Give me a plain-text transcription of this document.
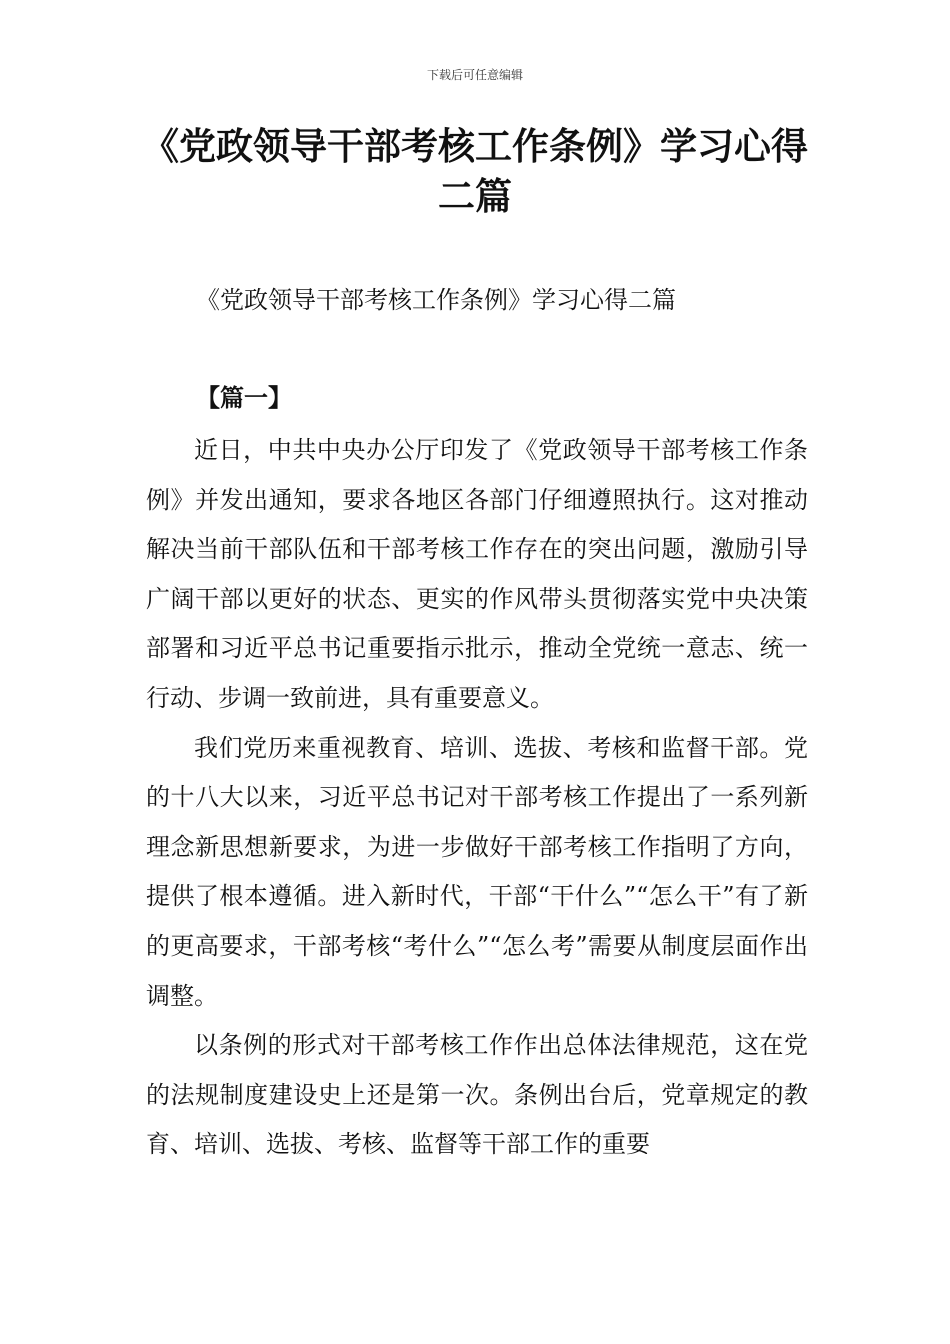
下载后可任意编辑
《党政领导干部考核工作条例》学习心得
二篇
《党政领导干部考核工作条例》学习心得二篇
【篇一】

近日，中共中央办公厅印发了《党政领导干部考核工作条例》并发出通知，要求各地区各部门仔细遵照执行。这对推动解决当前干部队伍和干部考核工作存在的突出问题，激励引导广阔干部以更好的状态、更实的作风带头贯彻落实党中央决策部署和习近平总书记重要指示批示，推动全党统一意志、统一行动、步调一致前进，具有重要意义。

我们党历来重视教育、培训、选拔、考核和监督干部。党的十八大以来，习近平总书记对干部考核工作提出了一系列新理念新思想新要求，为进一步做好干部考核工作指明了方向，提供了根本遵循。进入新时代，干部“干什么”“怎么干”有了新的更高要求，干部考核“考什么”“怎么考”需要从制度层面作出调整。

以条例的形式对干部考核工作作出总体法律规范，这在党的法规制度建设史上还是第一次。条例出台后，党章规定的教育、培训、选拔、考核、监督等干部工作的重要
